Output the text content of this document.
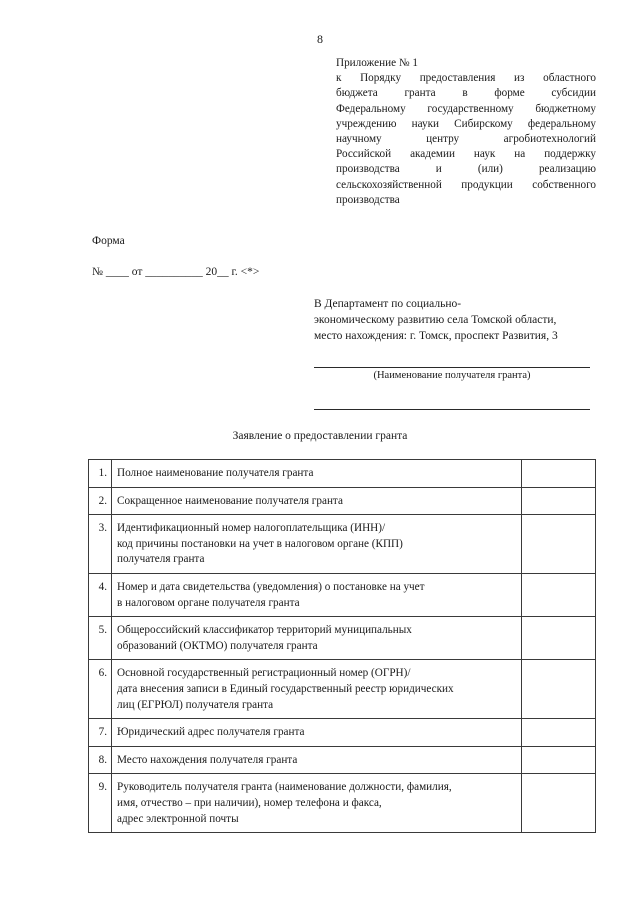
8
Приложение № 1
к Порядку предоставления из областного
бюджета гранта в форме субсидии
Федеральному государственному бюджетному
учреждению науки Сибирскому федеральному
научному центру агробиотехнологий
Российской академии наук на поддержку
производства и (или) реализацию
сельскохозяйственной продукции собственного
производства
Форма
№ ____ от __________ 20__ г. <*>
В Департамент по социально-
экономическому развитию села Томской области,
место нахождения: г. Томск, проспект Развития, 3
(Наименование получателя гранта)
Заявление о предоставлении гранта
1.	Полное наименование получателя гранта	

2.	Сокращенное наименование получателя гранта	

3.	Идентификационный номер налогоплательщика (ИНН)/
код причины постановки на учет в налоговом органе (КПП)
получателя гранта	

4.	Номер и дата свидетельства (уведомления) о постановке на учет
в налоговом органе получателя гранта	

5.	Общероссийский классификатор территорий муниципальных
образований (ОКТМО) получателя гранта	

6.	Основной государственный регистрационный номер (ОГРН)/
дата внесения записи в Единый государственный реестр юридических
лиц (ЕГРЮЛ) получателя гранта	

7.	Юридический адрес получателя гранта	

8.	Место нахождения получателя гранта	

9.	Руководитель получателя гранта (наименование должности, фамилия,
имя, отчество – при наличии), номер телефона и факса,
адрес электронной почты	
